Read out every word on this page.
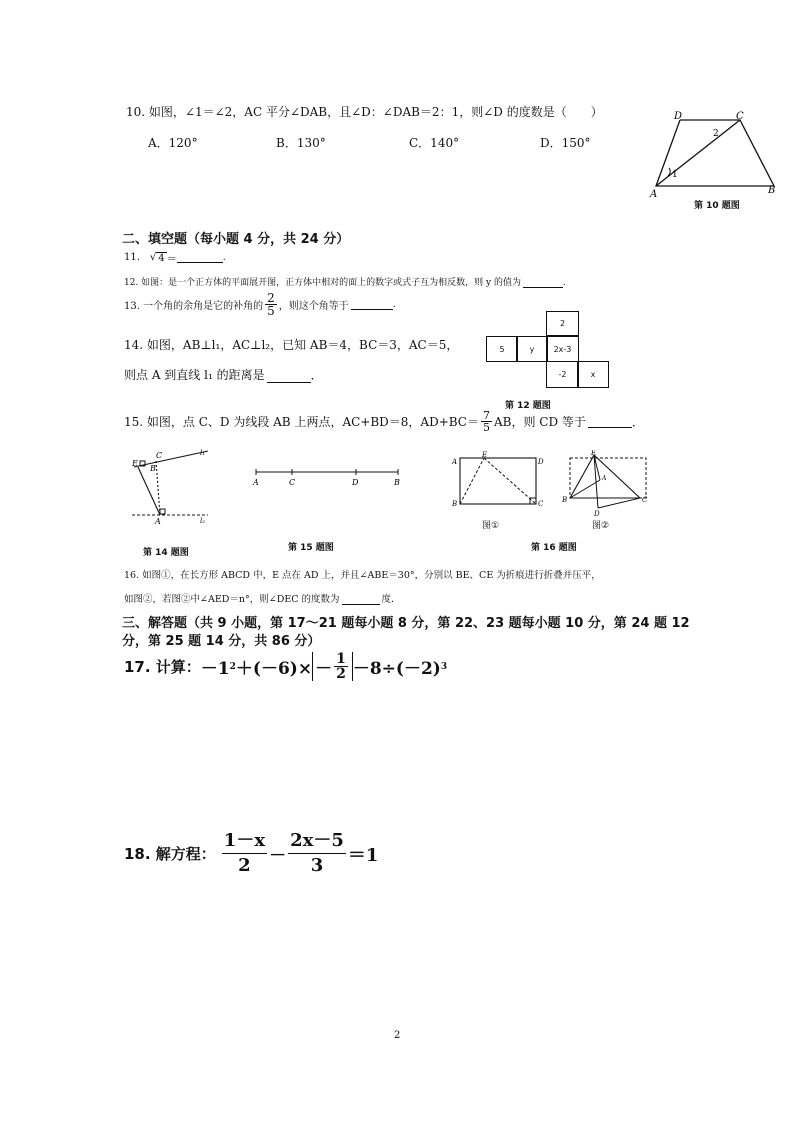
10. 如图，∠1＝∠2，AC 平分∠DAB，且∠D：∠DAB＝2：1，则∠D 的度数是（　　）
A．120°	B．130°	C．140°	D．150°
D	C
2
1
A	B
第 10 题图
二、填空题（每小题 4 分，共 24 分）
11. √ 4 ＝	.
12. 如图：是一个正方体的平面展开图，正方体中相对的面上的数字或式子互为相反数，则 y 的值为	．
13. 一个角的余角是它的补角的 $\frac{2}{5}$ ，则这个角等于	.
2
5	y	2x-3
-2	x
第 12 题图
14. 如图，AB⊥l₁，AC⊥l₂，已知 AB＝4，BC＝3，AC＝5，
则点 A 到直线 l₁ 的距离是	．
15. 如图，点 C、D 为线段 AB 上两点，AC+BD＝8，$AD+BC= \frac{7}{5}$ AB，则 CD 等于	．
E
C
B
A
l₁
l₂
第 14 题图
A	C	D	B
第 15 题图
A
E
D
B	C
图①
E
A
B	C
D
图②
第 16 题图
16. 如图①，在长方形 ABCD 中，E 点在 AD 上，并且∠ABE＝30°，分别以 BE、CE 为折痕进行折叠并压平，
如图②，若图②中∠AED＝n°，则∠DEC 的度数为	度．
三、解答题（共 9 小题，第 17～21 题每小题 8 分，第 22、23 题每小题 10 分，第 24 题 12
分，第 25 题 14 分，共 86 分）
17. 计算： －1 $2 +(-6)\times - \frac{1}{2} -8\div(-2)$ 3
18. 解方程： $\frac{1-x}{2} - \frac{2x-5}{3} =1$
2
